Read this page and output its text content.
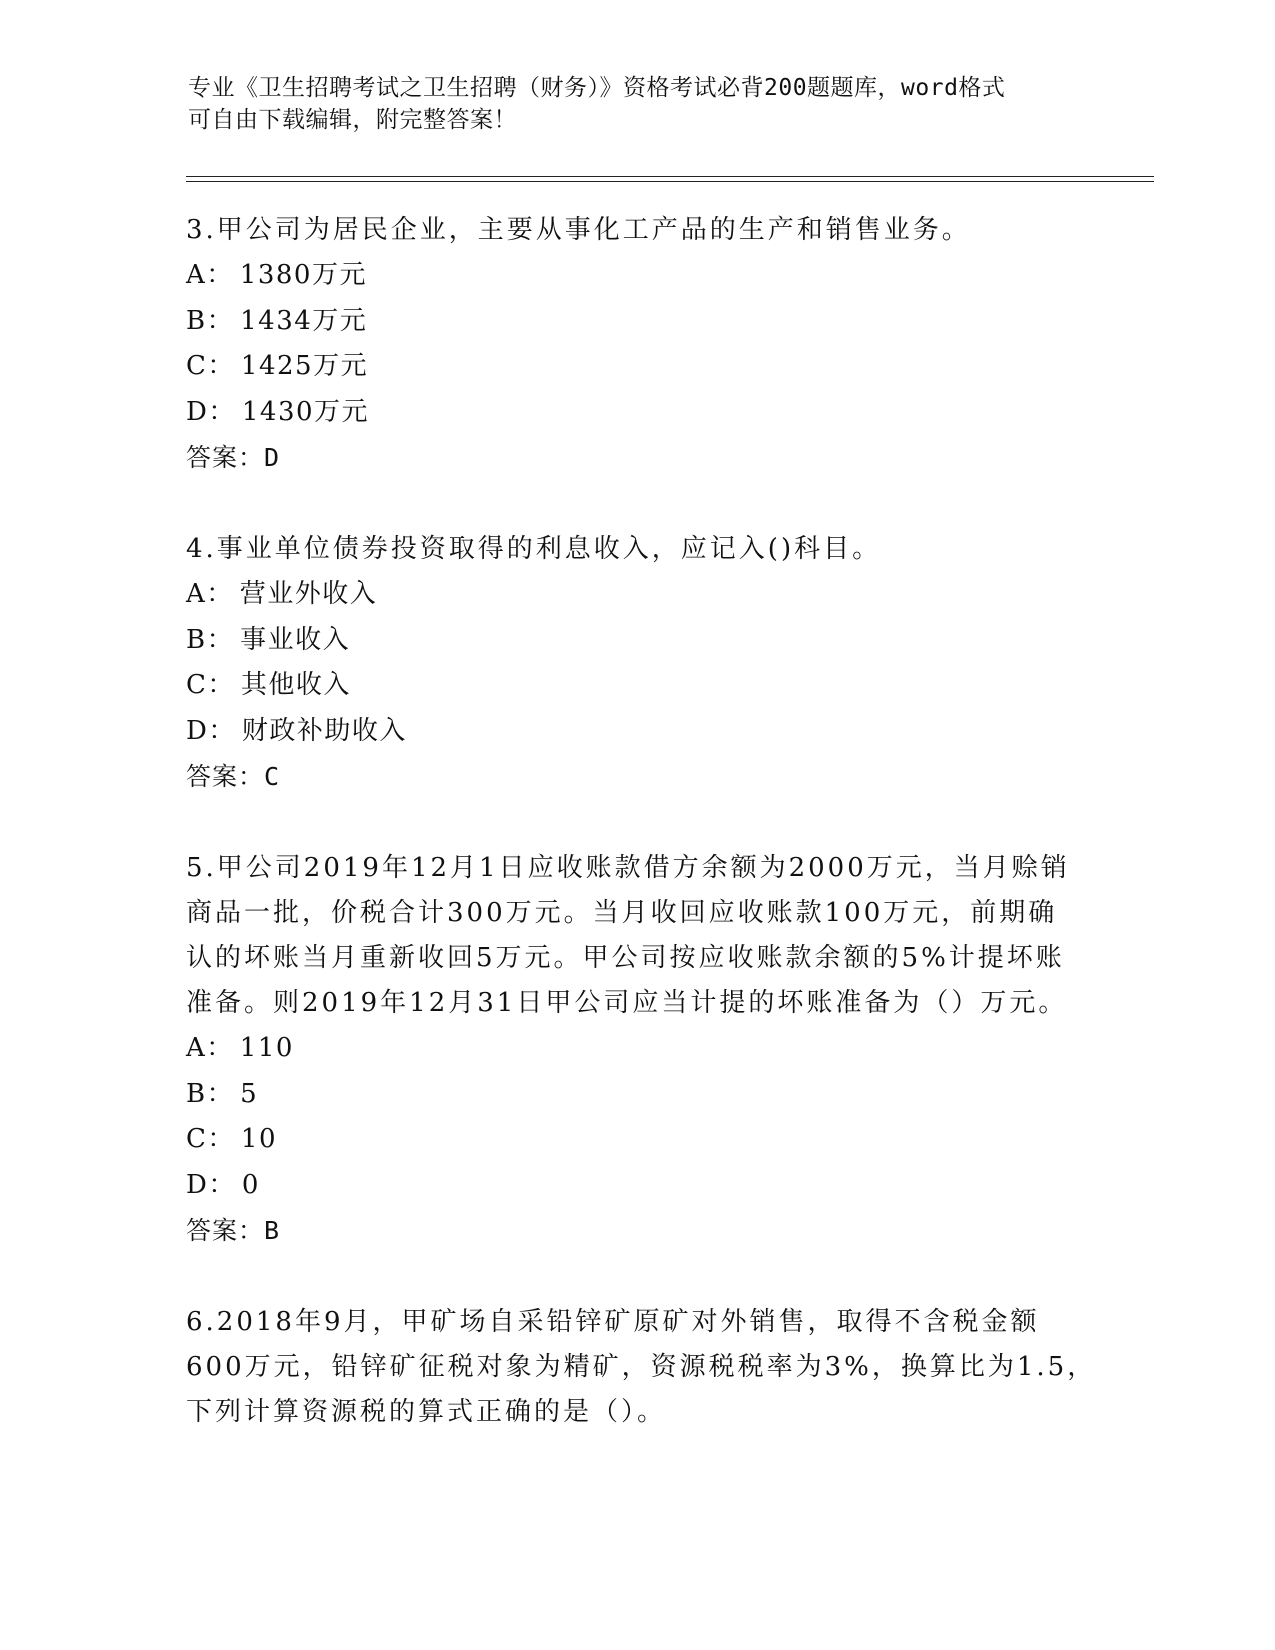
专业《卫生招聘考试之卫生招聘（财务）》资格考试必背200题题库，word格式
可自由下载编辑，附完整答案！
3.甲公司为居民企业，主要从事化工产品的生产和销售业务。
A： 1380万元
B： 1434万元
C： 1425万元
D： 1430万元
答案：D
4.事业单位债券投资取得的利息收入，应记入()科目。
A： 营业外收入
B： 事业收入
C： 其他收入
D： 财政补助收入
答案：C
5.甲公司2019年12月1日应收账款借方余额为2000万元，当月赊销
商品一批，价税合计300万元。当月收回应收账款100万元，前期确
认的坏账当月重新收回5万元。甲公司按应收账款余额的5%计提坏账
准备。则2019年12月31日甲公司应当计提的坏账准备为（）万元。
A： 110
B： 5
C： 10
D： 0
答案：B
6.2018年9月，甲矿场自采铅锌矿原矿对外销售，取得不含税金额
600万元，铅锌矿征税对象为精矿，资源税税率为3%，换算比为1.5，
下列计算资源税的算式正确的是（）。
